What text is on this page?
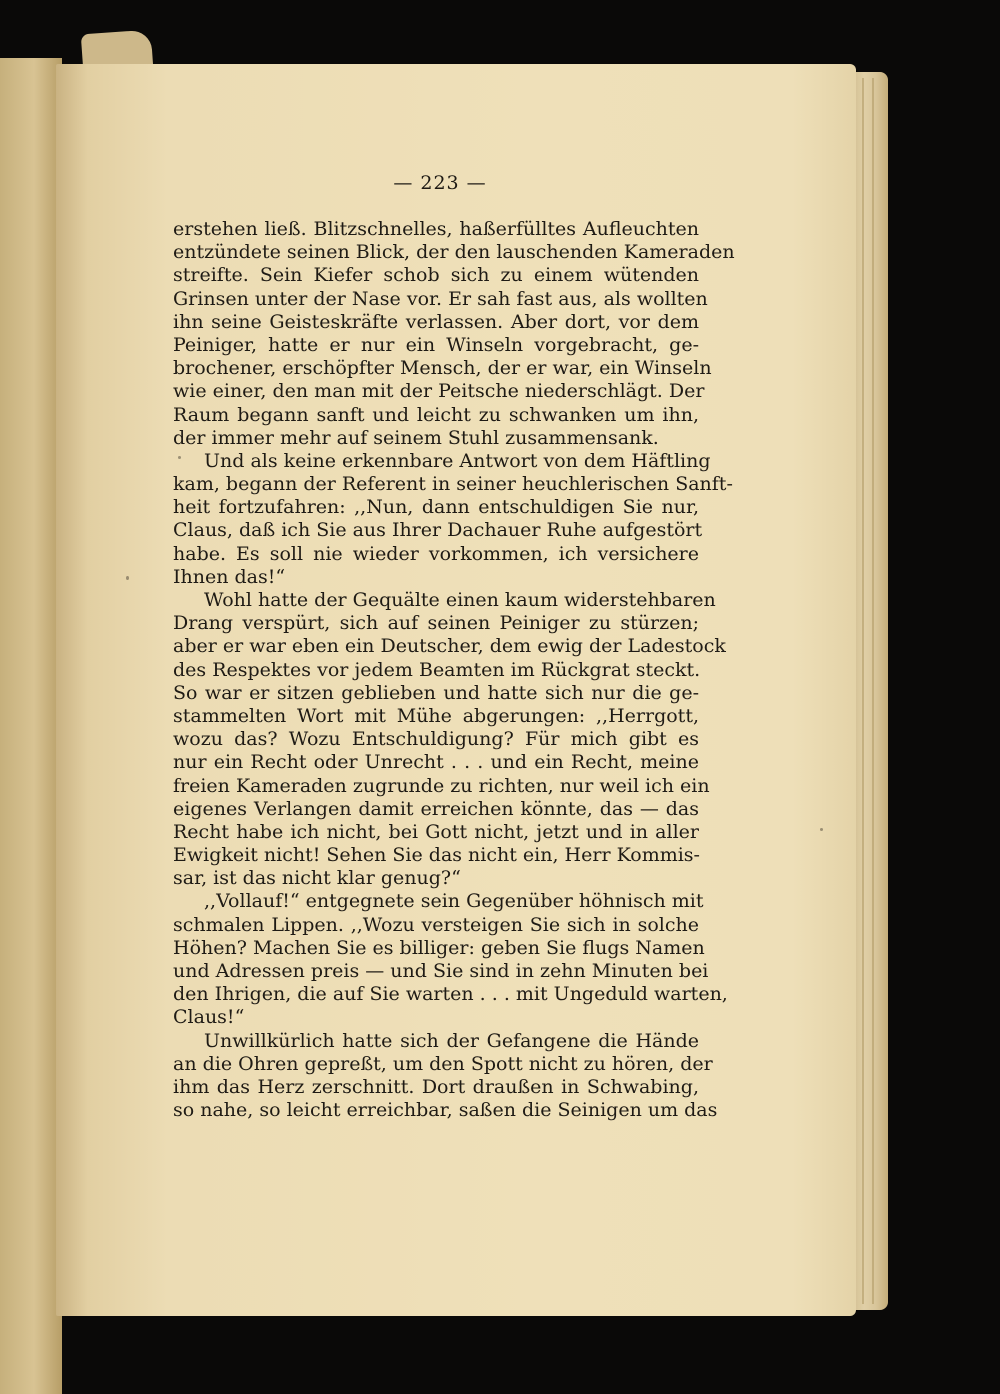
— 223 —
erstehen ließ. Blitzschnelles, haßerfülltes Aufleuchten
entzündete seinen Blick, der den lauschenden Kameraden
streifte. Sein Kiefer schob sich zu einem wütenden
Grinsen unter der Nase vor. Er sah fast aus, als wollten
ihn seine Geisteskräfte verlassen. Aber dort, vor dem
Peiniger, hatte er nur ein Winseln vorgebracht, ge-
brochener, erschöpfter Mensch, der er war, ein Winseln
wie einer, den man mit der Peitsche niederschlägt. Der
Raum begann sanft und leicht zu schwanken um ihn,
der immer mehr auf seinem Stuhl zusammensank.
Und als keine erkennbare Antwort von dem Häftling
kam, begann der Referent in seiner heuchlerischen Sanft-
heit fortzufahren: ,,Nun, dann entschuldigen Sie nur,
Claus, daß ich Sie aus Ihrer Dachauer Ruhe aufgestört
habe. Es soll nie wieder vorkommen, ich versichere
Ihnen das!“
Wohl hatte der Gequälte einen kaum widerstehbaren
Drang verspürt, sich auf seinen Peiniger zu stürzen;
aber er war eben ein Deutscher, dem ewig der Ladestock
des Respektes vor jedem Beamten im Rückgrat steckt.
So war er sitzen geblieben und hatte sich nur die ge-
stammelten Wort mit Mühe abgerungen: ,,Herrgott,
wozu das? Wozu Entschuldigung? Für mich gibt es
nur ein Recht oder Unrecht . . . und ein Recht, meine
freien Kameraden zugrunde zu richten, nur weil ich ein
eigenes Verlangen damit erreichen könnte, das — das
Recht habe ich nicht, bei Gott nicht, jetzt und in aller
Ewigkeit nicht! Sehen Sie das nicht ein, Herr Kommis-
sar, ist das nicht klar genug?“
,,Vollauf!“ entgegnete sein Gegenüber höhnisch mit
schmalen Lippen. ,,Wozu versteigen Sie sich in solche
Höhen? Machen Sie es billiger: geben Sie flugs Namen
und Adressen preis — und Sie sind in zehn Minuten bei
den Ihrigen, die auf Sie warten . . . mit Ungeduld warten,
Claus!“
Unwillkürlich hatte sich der Gefangene die Hände
an die Ohren gepreßt, um den Spott nicht zu hören, der
ihm das Herz zerschnitt. Dort draußen in Schwabing,
so nahe, so leicht erreichbar, saßen die Seinigen um das
